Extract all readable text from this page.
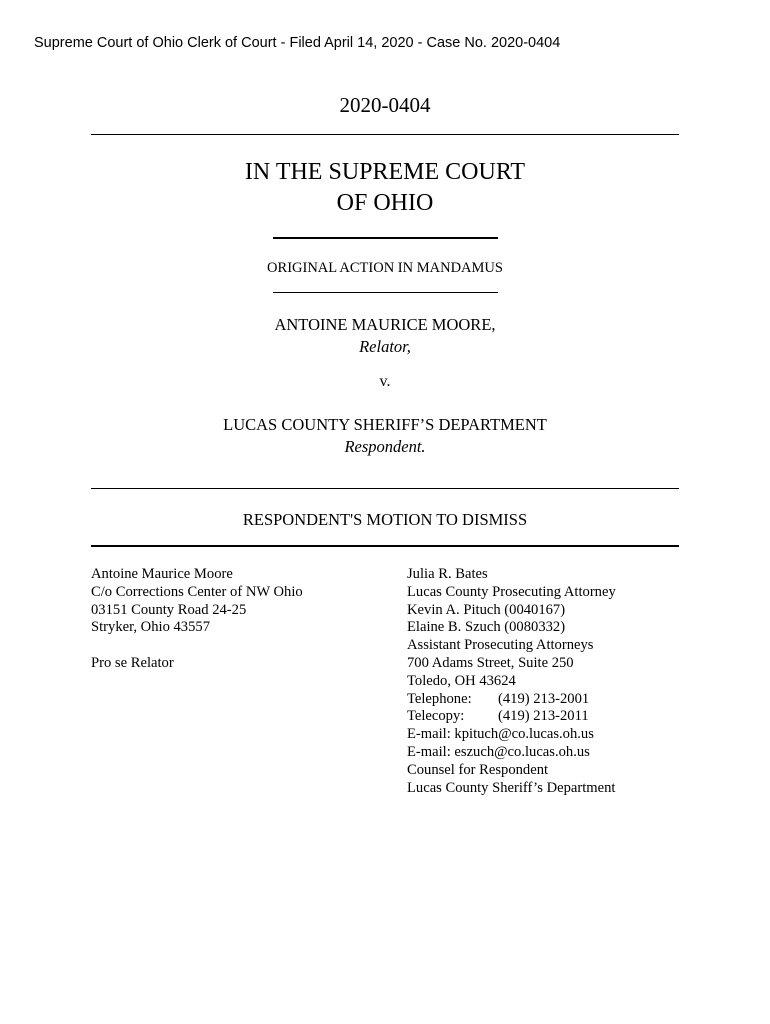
Supreme Court of Ohio Clerk of Court - Filed April 14, 2020 - Case No. 2020-0404
2020-0404
IN THE SUPREME COURT
OF OHIO
ORIGINAL ACTION IN MANDAMUS
ANTOINE MAURICE MOORE,
Relator,
v.
LUCAS COUNTY SHERIFF’S DEPARTMENT
Respondent.
RESPONDENT'S MOTION TO DISMISS
Antoine Maurice Moore
C/o Corrections Center of NW Ohio
03151 County Road 24-25
Stryker, Ohio 43557
Pro se Relator
Julia R. Bates
Lucas County Prosecuting Attorney
Kevin A. Pituch (0040167)
Elaine B. Szuch (0080332)
Assistant Prosecuting Attorneys
700 Adams Street, Suite 250
Toledo, OH 43624
Telephone: (419) 213-2001
Telecopy: (419) 213-2011
E-mail: kpituch@co.lucas.oh.us
E-mail: eszuch@co.lucas.oh.us
Counsel for Respondent
Lucas County Sheriff’s Department
